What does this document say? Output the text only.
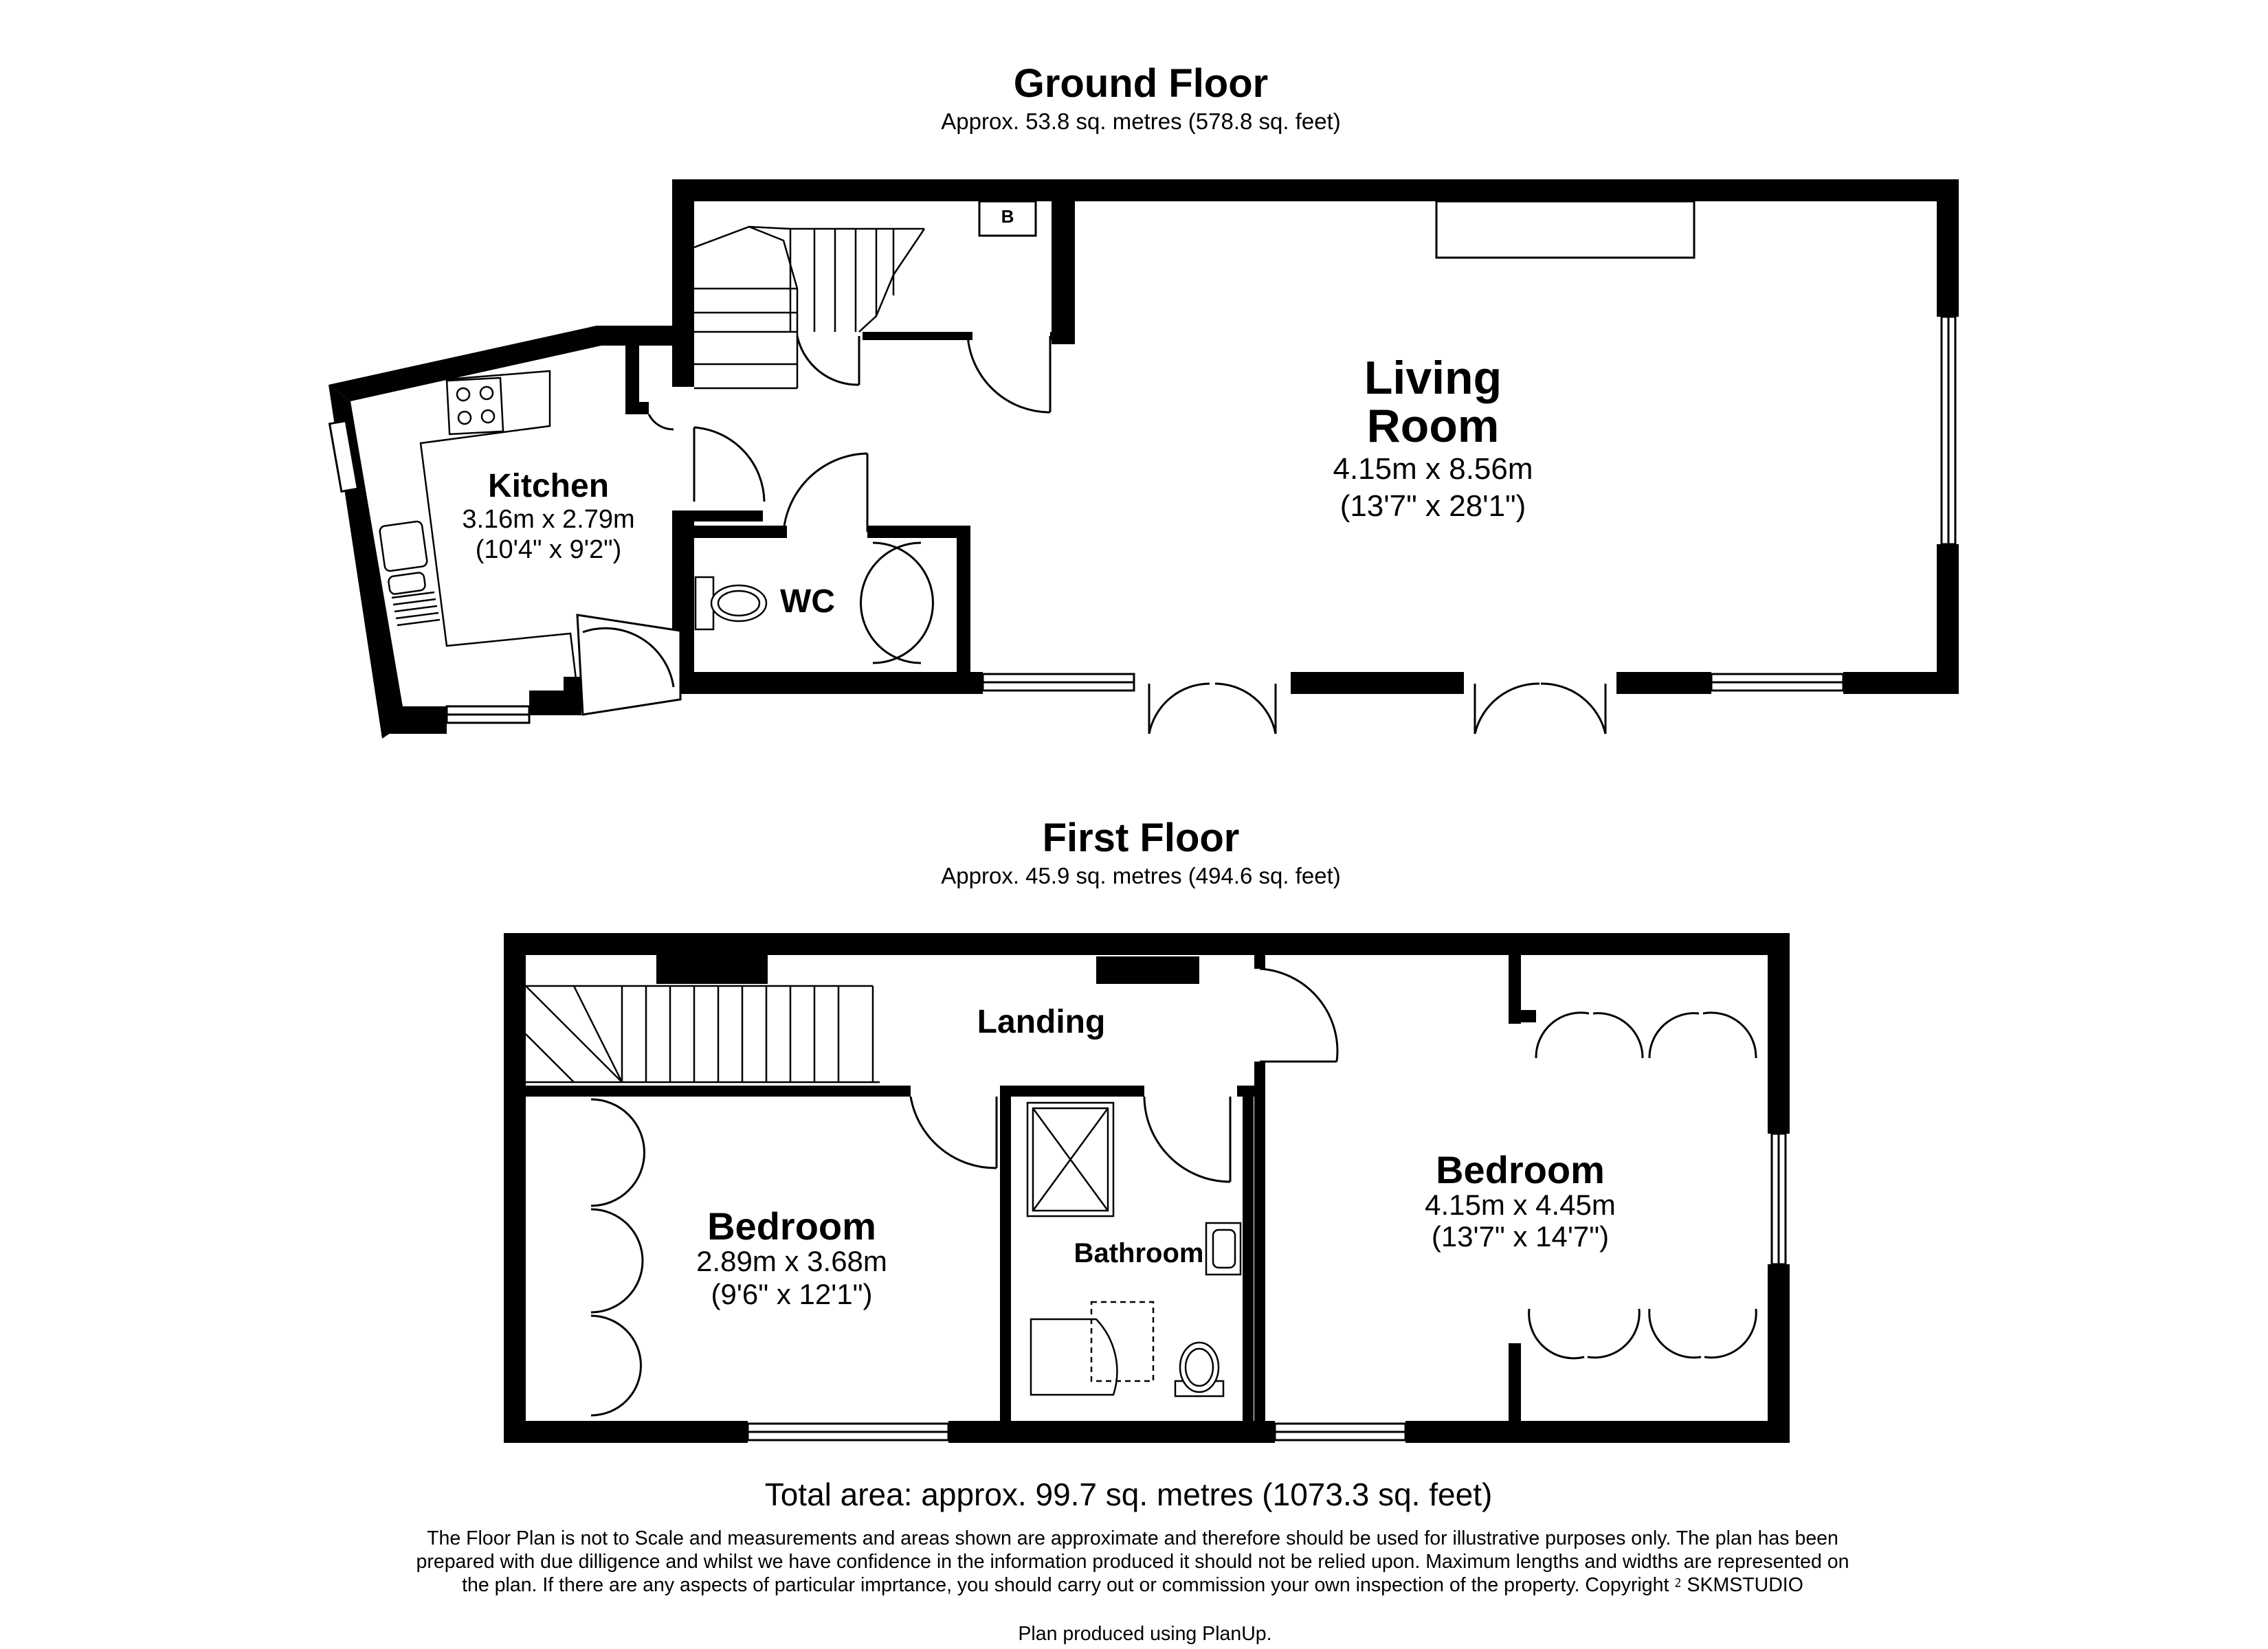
Ground Floor
Approx. 53.8 sq. metres (578.8 sq. feet)
B
Living
Room
4.15m x 8.56m
(13'7" x 28'1")
Kitchen
3.16m x 2.79m
(10'4" x 9'2")
WC
First Floor
Approx. 45.9 sq. metres (494.6 sq. feet)
Landing
Bedroom
2.89m x 3.68m
(9'6" x 12'1")
Bathroom
Bedroom
4.15m x 4.45m
(13'7" x 14'7")
Total area: approx. 99.7 sq. metres (1073.3 sq. feet)
The Floor Plan is not to Scale and measurements and areas shown are approximate and therefore should be used for illustrative purposes only. The plan has been prepared with due dilligence and whilst we have confidence in the information produced it should not be relied upon. Maximum lengths and widths are represented on the plan. If there are any aspects of particular imprtance, you should carry out or commission your own inspection of the property. Copyright ⁲ SKMSTUDIO
Plan produced using PlanUp.
